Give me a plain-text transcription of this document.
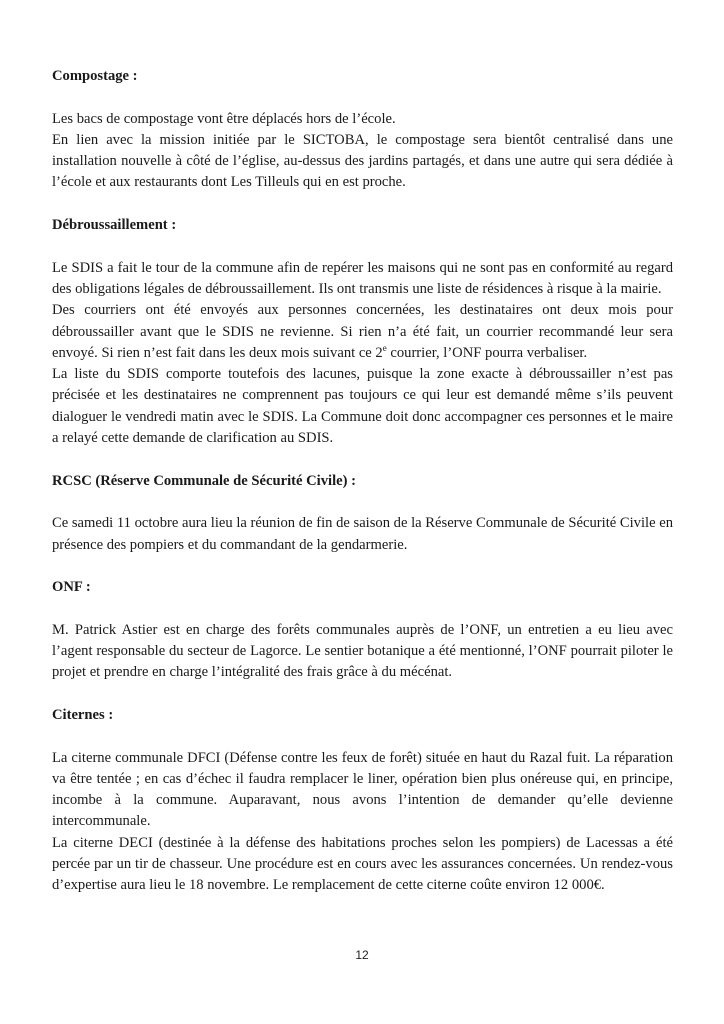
Compostage :

Les bacs de compostage vont être déplacés hors de l’école.

En lien avec la mission initiée par le SICTOBA, le compostage sera bientôt centralisé dans une installation nouvelle à côté de l’église, au-dessus des jardins partagés, et dans une autre qui sera dédiée à l’école et aux restaurants dont Les Tilleuls qui en est proche.

Débroussaillement :

Le SDIS a fait le tour de la commune afin de repérer les maisons qui ne sont pas en conformité au regard des obligations légales de débroussaillement. Ils ont transmis une liste de résidences à risque à la mairie.

Des courriers ont été envoyés aux personnes concernées, les destinataires ont deux mois pour débroussailler avant que le SDIS ne revienne. Si rien n’a été fait, un courrier recommandé leur sera envoyé. Si rien n’est fait dans les deux mois suivant ce 2e courrier, l’ONF pourra verbaliser.

La liste du SDIS comporte toutefois des lacunes, puisque la zone exacte à débroussailler n’est pas précisée et les destinataires ne comprennent pas toujours ce qui leur est demandé même s’ils peuvent dialoguer le vendredi matin avec le SDIS. La Commune doit donc accompagner ces personnes et le maire a relayé cette demande de clarification au SDIS.

RCSC (Réserve Communale de Sécurité Civile) :

Ce samedi 11 octobre aura lieu la réunion de fin de saison de la Réserve Communale de Sécurité Civile en présence des pompiers et du commandant de la gendarmerie.

ONF :

M. Patrick Astier est en charge des forêts communales auprès de l’ONF, un entretien a eu lieu avec l’agent responsable du secteur de Lagorce. Le sentier botanique a été mentionné, l’ONF pourrait piloter le projet et prendre en charge l’intégralité des frais grâce à du mécénat.

Citernes :

La citerne communale DFCI (Défense contre les feux de forêt) située en haut du Razal fuit. La réparation va être tentée ; en cas d’échec il faudra remplacer le liner, opération bien plus onéreuse qui, en principe, incombe à la commune. Auparavant, nous avons l’intention de demander qu’elle devienne intercommunale.

La citerne DECI (destinée à la défense des habitations proches selon les pompiers) de Lacessas a été percée par un tir de chasseur. Une procédure est en cours avec les assurances concernées. Un rendez-vous d’expertise aura lieu le 18 novembre. Le remplacement de cette citerne coûte environ 12 000€.

12
